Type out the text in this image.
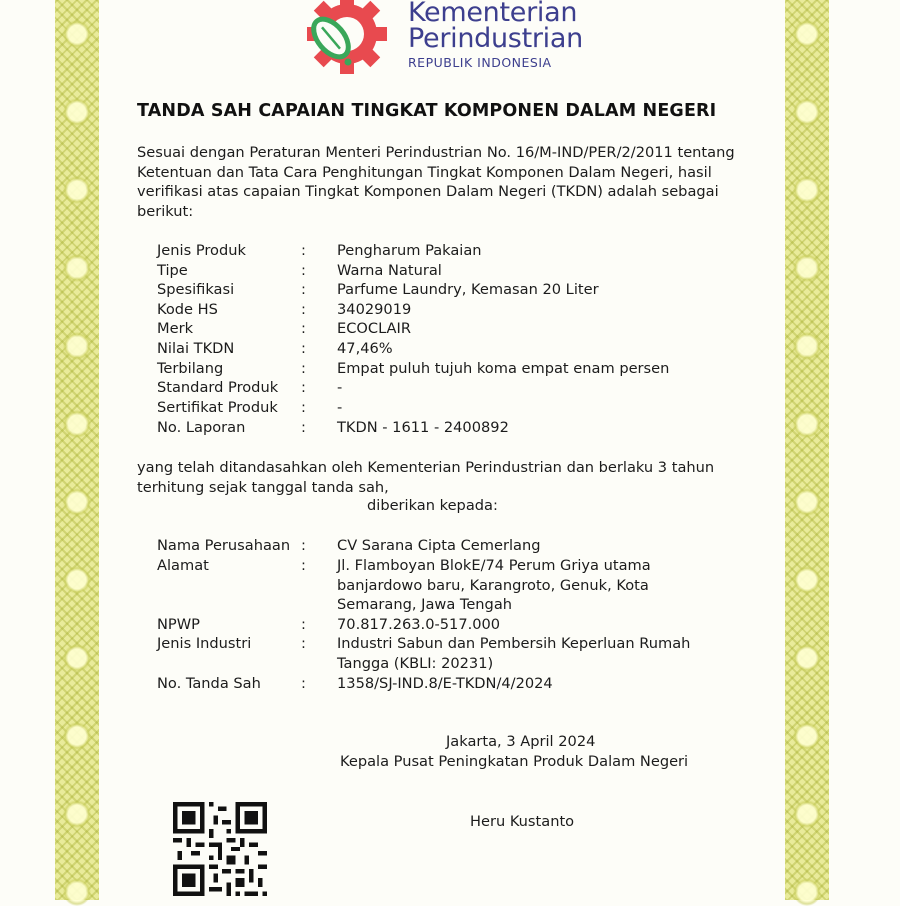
Kementerian
Perindustrian
REPUBLIK INDONESIA
TANDA SAH CAPAIAN TINGKAT KOMPONEN DALAM NEGERI
Sesuai dengan Peraturan Menteri Perindustrian No. 16/M-IND/PER/2/2011 tentang Ketentuan dan Tata Cara Penghitungan Tingkat Komponen Dalam Negeri, hasil verifikasi atas capaian Tingkat Komponen Dalam Negeri (TKDN) adalah sebagai berikut:
Jenis Produk	: Pengharum Pakaian
Tipe	: Warna Natural
Spesifikasi	: Parfume Laundry, Kemasan 20 Liter
Kode HS	: 34029019
Merk	: ECOCLAIR
Nilai TKDN	: 47,46%
Terbilang	: Empat puluh tujuh koma empat enam persen
Standard Produk : -
Sertifikat Produk : -
No. Laporan	: TKDN - 1611 - 2400892
yang telah ditandasahkan oleh Kementerian Perindustrian dan berlaku 3 tahun terhitung sejak tanggal tanda sah,
diberikan kepada:
Nama Perusahaan : CV Sarana Cipta Cemerlang
Alamat	: Jl. Flamboyan BlokE/74 Perum Griya utama banjardowo baru, Karangroto, Genuk, Kota Semarang, Jawa Tengah
NPWP	: 70.817.263.0-517.000
Jenis Industri	: Industri Sabun dan Pembersih Keperluan Rumah Tangga (KBLI: 20231)
No. Tanda Sah	: 1358/SJ-IND.8/E-TKDN/4/2024
Jakarta, 3 April 2024
Kepala Pusat Peningkatan Produk Dalam Negeri
Heru Kustanto
